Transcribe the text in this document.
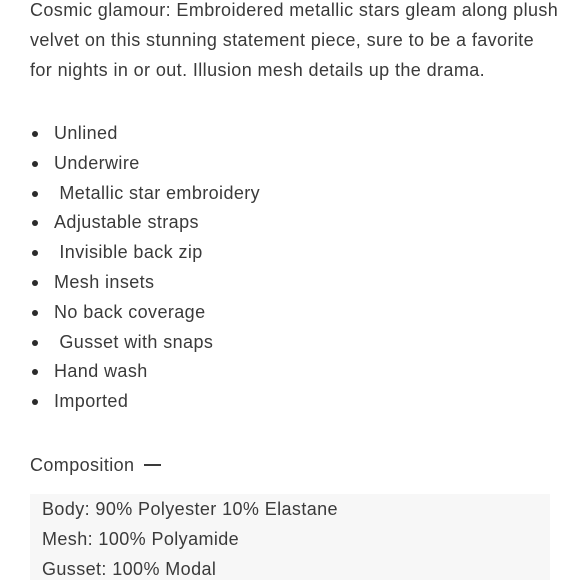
Cosmic glamour: Embroidered metallic stars gleam along plush velvet on this stunning statement piece, sure to be a favorite for nights in or out. Illusion mesh details up the drama.

Unlined
Underwire
Metallic star embroidery
Adjustable straps
Invisible back zip
Mesh insets
No back coverage
Gusset with snaps
Hand wash
Imported
Composition
Body: 90% Polyester 10% Elastane
Mesh: 100% Polyamide
Gusset: 100% Modal
